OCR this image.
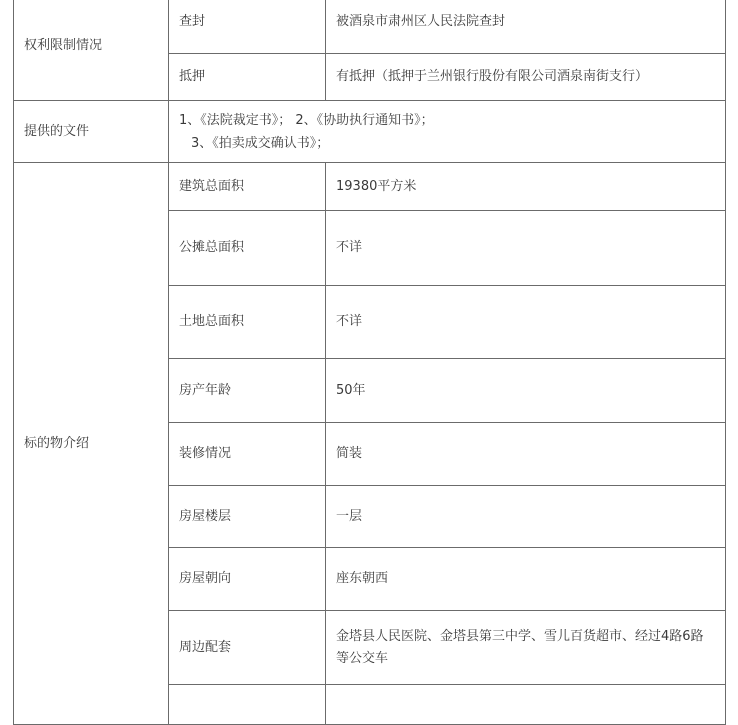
权利限制情况	查封	被酒泉市肃州区人民法院查封
	抵押	有抵押（抵押于兰州银行股份有限公司酒泉南街支行）
提供的文件	1、《法院裁定书》； 2、《协助执行通知书》；
3、《拍卖成交确认书》；	

标的物介绍	建筑总面积	19380平方米
	公摊总面积	不详
	土地总面积	不详
	房产年龄	50年
	装修情况	简装
	房屋楼层	一层
	房屋朝向	座东朝西
	周边配套	金塔县人民医院、金塔县第三中学、雪儿百货超市、经过4路6路等公交车
